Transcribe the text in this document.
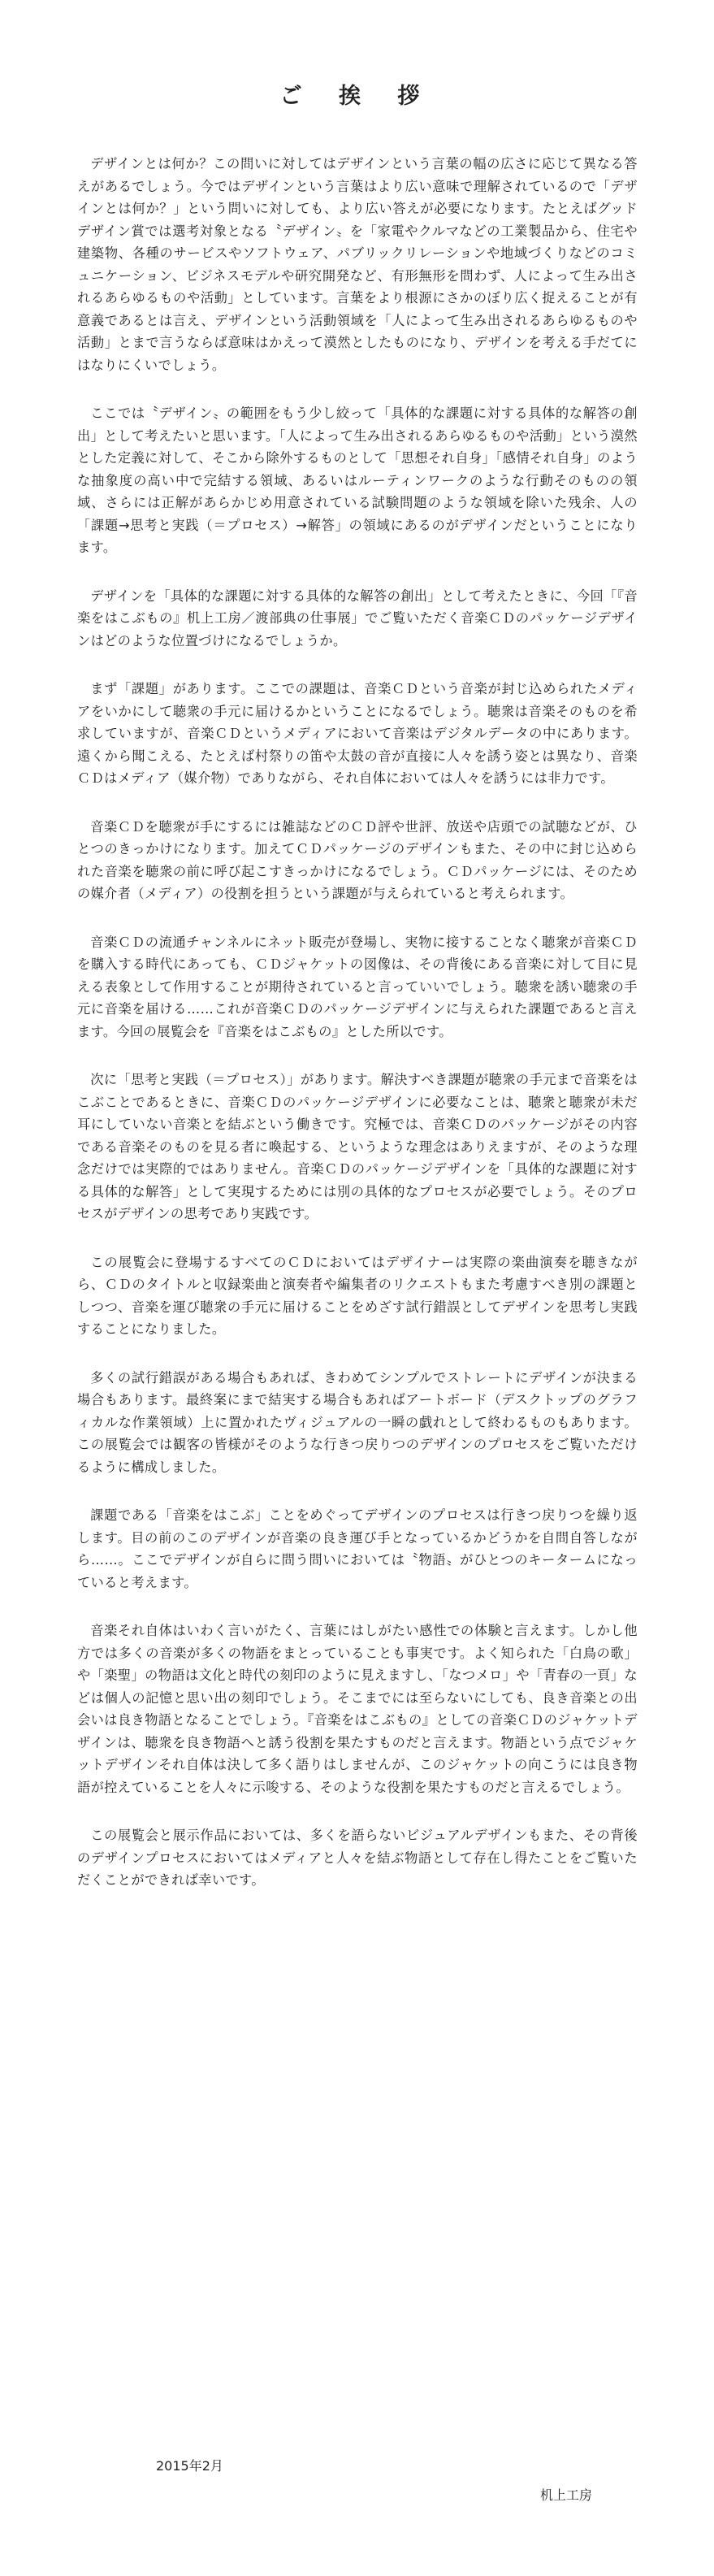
ご 挨 拶

デザインとは何か？この問いに対してはデザインという言葉の幅の広さに応じて異なる答えがあるでしょう。今ではデザインという言葉はより広い意味で理解されているので「デザインとは何か？」という問いに対しても、より広い答えが必要になります。たとえばグッドデザイン賞では選考対象となる〝デザイン〟を「家電やクルマなどの工業製品から、住宅や建築物、各種のサービスやソフトウェア、パブリックリレーションや地域づくりなどのコミュニケーション、ビジネスモデルや研究開発など、有形無形を問わず、人によって生み出されるあらゆるものや活動」としています。言葉をより根源にさかのぼり広く捉えることが有意義であるとは言え、デザインという活動領域を「人によって生み出されるあらゆるものや活動」とまで言うならば意味はかえって漠然としたものになり、デザインを考える手だてにはなりにくいでしょう。

ここでは〝デザイン〟の範囲をもう少し絞って「具体的な課題に対する具体的な解答の創出」として考えたいと思います。「人によって生み出されるあらゆるものや活動」という漠然とした定義に対して、そこから除外するものとして「思想それ自身」「感情それ自身」のような抽象度の高い中で完結する領域、あるいはルーティンワークのような行動そのものの領域、さらには正解があらかじめ用意されている試験問題のような領域を除いた残余、人の「課題→思考と実践（＝プロセス）→解答」の領域にあるのがデザインだということになります。

デザインを「具体的な課題に対する具体的な解答の創出」として考えたときに、今回「『音楽をはこぶもの』机上工房／渡部典の仕事展」でご覧いただく音楽ＣＤのパッケージデザインはどのような位置づけになるでしょうか。

まず「課題」があります。ここでの課題は、音楽ＣＤという音楽が封じ込められたメディアをいかにして聴衆の手元に届けるかということになるでしょう。聴衆は音楽そのものを希求していますが、音楽ＣＤというメディアにおいて音楽はデジタルデータの中にあります。遠くから聞こえる、たとえば村祭りの笛や太鼓の音が直接に人々を誘う姿とは異なり、音楽ＣＤはメディア（媒介物）でありながら、それ自体においては人々を誘うには非力です。

音楽ＣＤを聴衆が手にするには雑誌などのＣＤ評や世評、放送や店頭での試聴などが、ひとつのきっかけになります。加えてＣＤパッケージのデザインもまた、その中に封じ込められた音楽を聴衆の前に呼び起こすきっかけになるでしょう。ＣＤパッケージには、そのための媒介者（メディア）の役割を担うという課題が与えられていると考えられます。

音楽ＣＤの流通チャンネルにネット販売が登場し、実物に接することなく聴衆が音楽ＣＤを購入する時代にあっても、ＣＤジャケットの図像は、その背後にある音楽に対して目に見える表象として作用することが期待されていると言っていいでしょう。聴衆を誘い聴衆の手元に音楽を届ける……これが音楽ＣＤのパッケージデザインに与えられた課題であると言えます。今回の展覧会を『音楽をはこぶもの』とした所以です。

次に「思考と実践（＝プロセス）」があります。解決すべき課題が聴衆の手元まで音楽をはこぶことであるときに、音楽ＣＤのパッケージデザインに必要なことは、聴衆と聴衆が未だ耳にしていない音楽とを結ぶという働きです。究極では、音楽ＣＤのパッケージがその内容である音楽そのものを見る者に喚起する、というような理念はありえますが、そのような理念だけでは実際的ではありません。音楽ＣＤのパッケージデザインを「具体的な課題に対する具体的な解答」として実現するためには別の具体的なプロセスが必要でしょう。そのプロセスがデザインの思考であり実践です。

この展覧会に登場するすべてのＣＤにおいてはデザイナーは実際の楽曲演奏を聴きながら、ＣＤのタイトルと収録楽曲と演奏者や編集者のリクエストもまた考慮すべき別の課題としつつ、音楽を運び聴衆の手元に届けることをめざす試行錯誤としてデザインを思考し実践することになりました。

多くの試行錯誤がある場合もあれば、きわめてシンプルでストレートにデザインが決まる場合もあります。最終案にまで結実する場合もあればアートボード（デスクトップのグラフィカルな作業領域）上に置かれたヴィジュアルの一瞬の戯れとして終わるものもあります。この展覧会では観客の皆様がそのような行きつ戻りつのデザインのプロセスをご覧いただけるように構成しました。

課題である「音楽をはこぶ」ことをめぐってデザインのプロセスは行きつ戻りつを繰り返します。目の前のこのデザインが音楽の良き運び手となっているかどうかを自問自答しながら……。ここでデザインが自らに問う問いにおいては〝物語〟がひとつのキータームになっていると考えます。

音楽それ自体はいわく言いがたく、言葉にはしがたい感性での体験と言えます。しかし他方では多くの音楽が多くの物語をまとっていることも事実です。よく知られた「白鳥の歌」や「楽聖」の物語は文化と時代の刻印のように見えますし、「なつメロ」や「青春の一頁」などは個人の記憶と思い出の刻印でしょう。そこまでには至らないにしても、良き音楽との出会いは良き物語となることでしょう。『音楽をはこぶもの』としての音楽ＣＤのジャケットデザインは、聴衆を良き物語へと誘う役割を果たすものだと言えます。物語という点でジャケットデザインそれ自体は決して多く語りはしませんが、このジャケットの向こうには良き物語が控えていることを人々に示唆する、そのような役割を果たすものだと言えるでしょう。

この展覧会と展示作品においては、多くを語らないビジュアルデザインもまた、その背後のデザインプロセスにおいてはメディアと人々を結ぶ物語として存在し得たことをご覧いただくことができれば幸いです。

2015年2月
机上工房
